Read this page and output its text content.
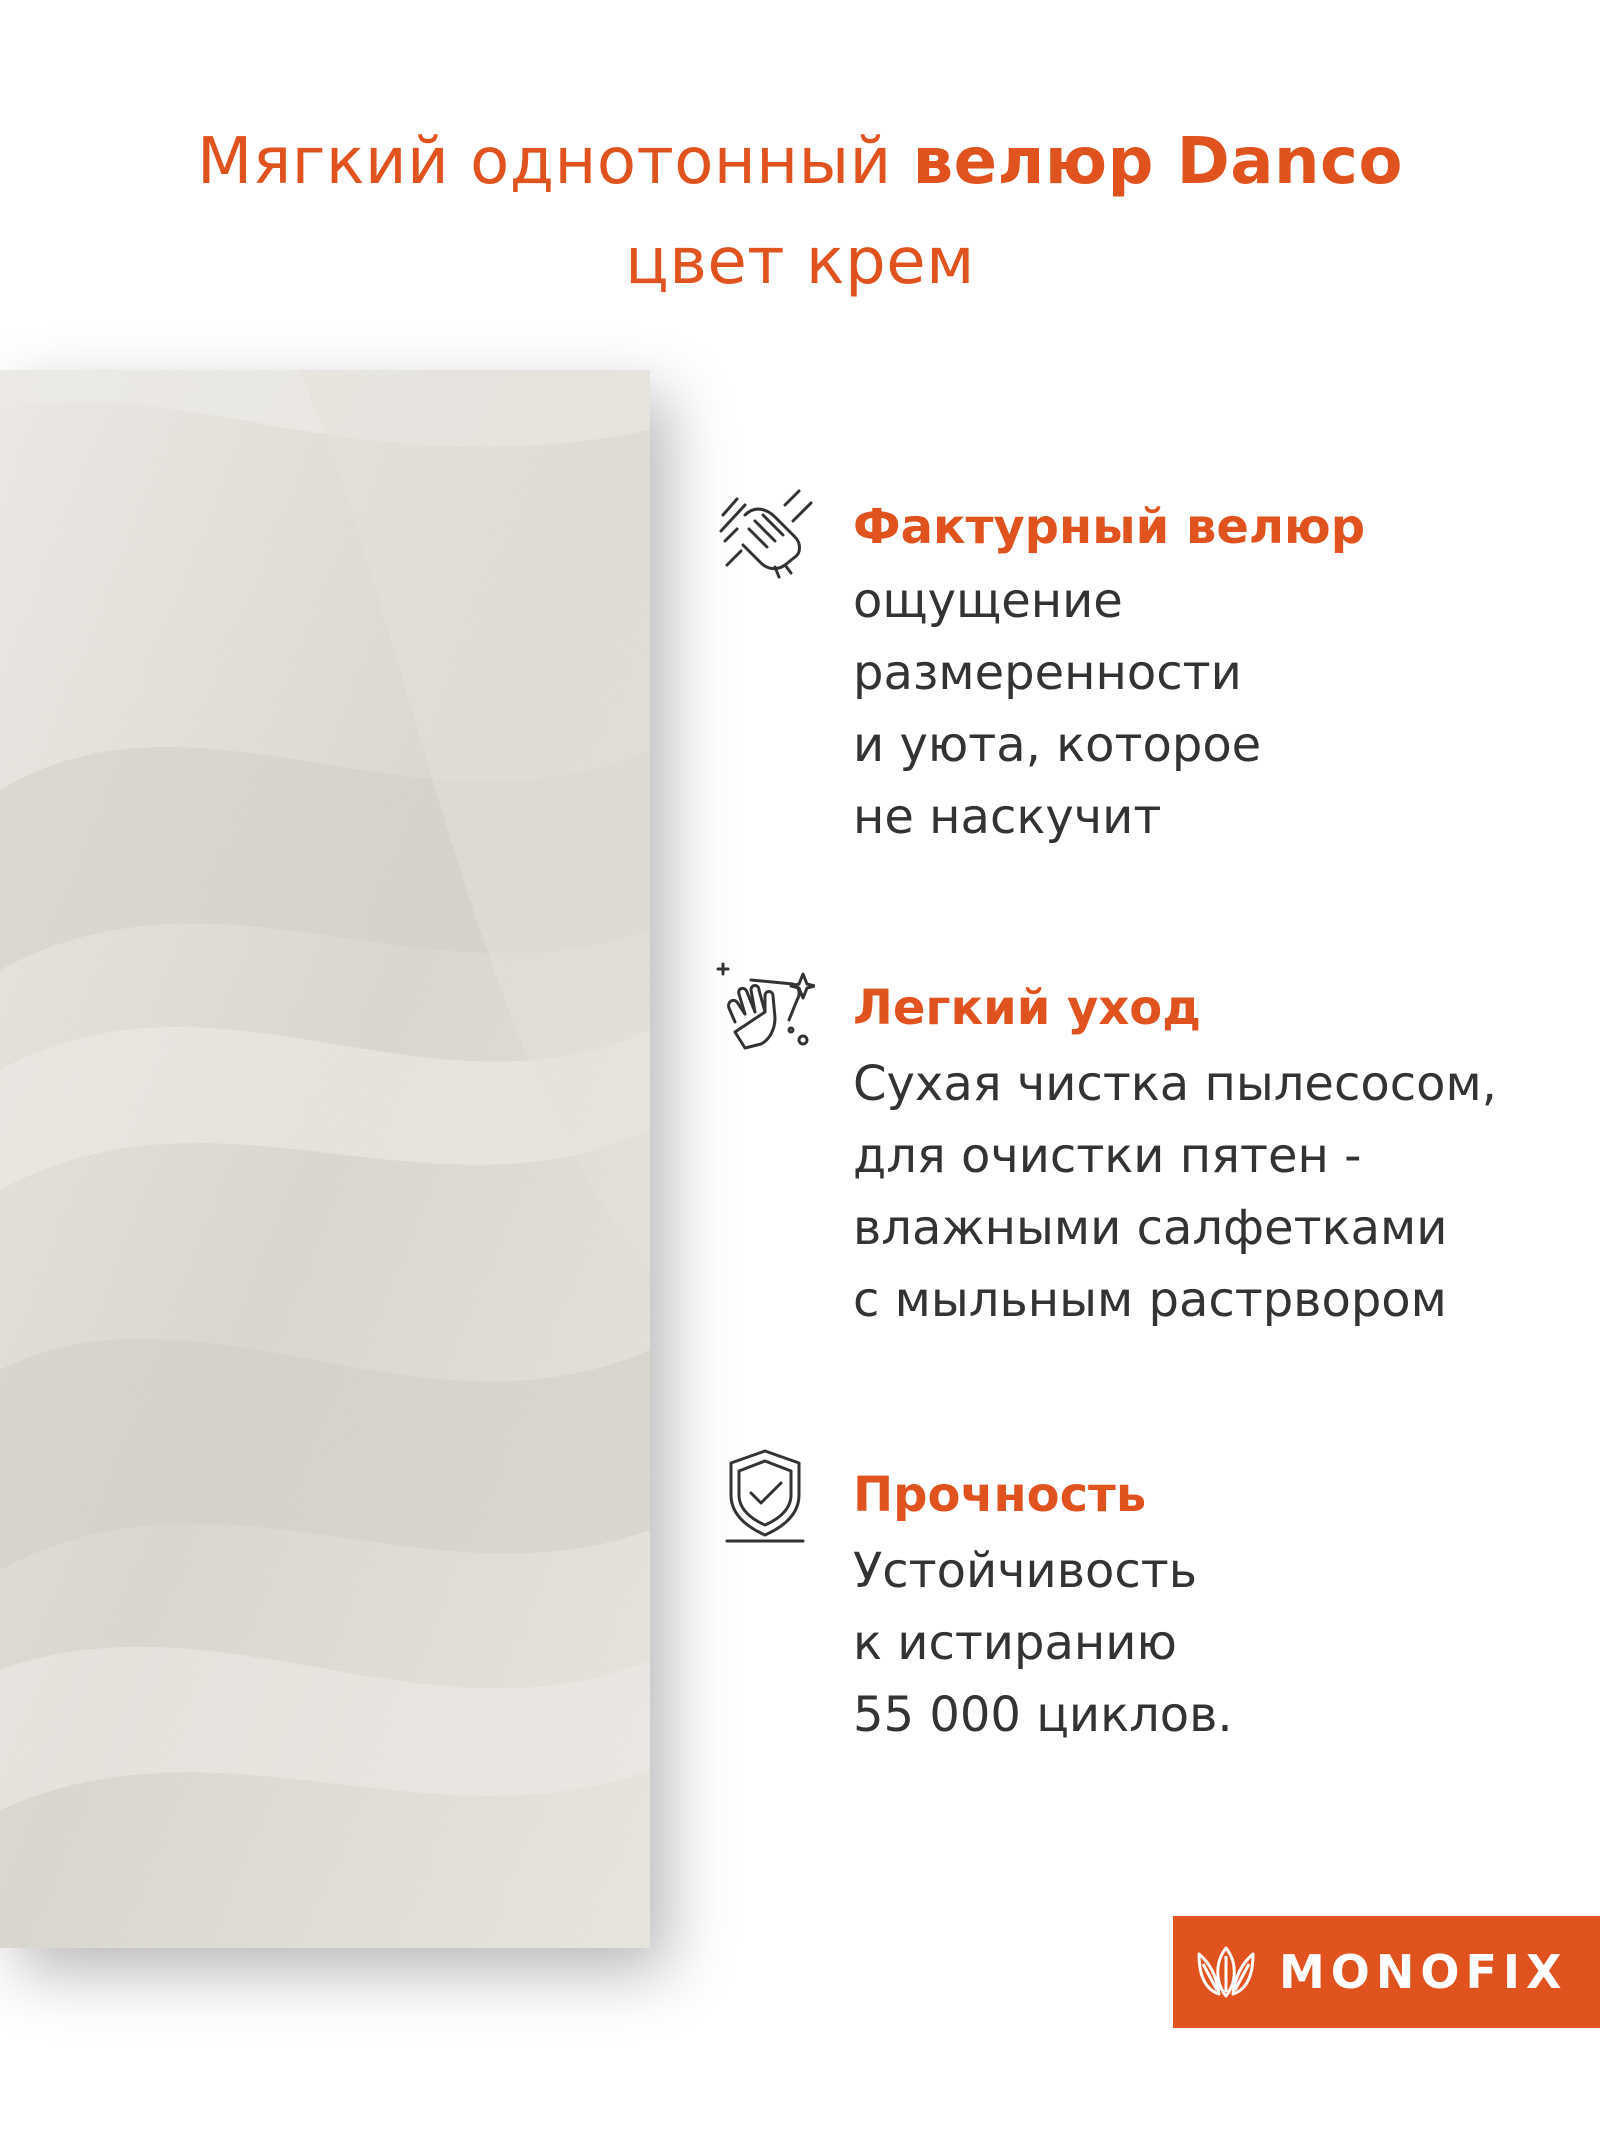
Мягкий однотонный велюр Danco
цвет крем
Фактурный велюр
ощущение
размеренности
и уюта, которое
не наскучит
Легкий уход
Сухая чистка пылесосом,
для очистки пятен -
влажными салфетками
с мыльным растрвором
Прочность
Устойчивость
к истиранию
55 000 циклов.
MONOFIX
